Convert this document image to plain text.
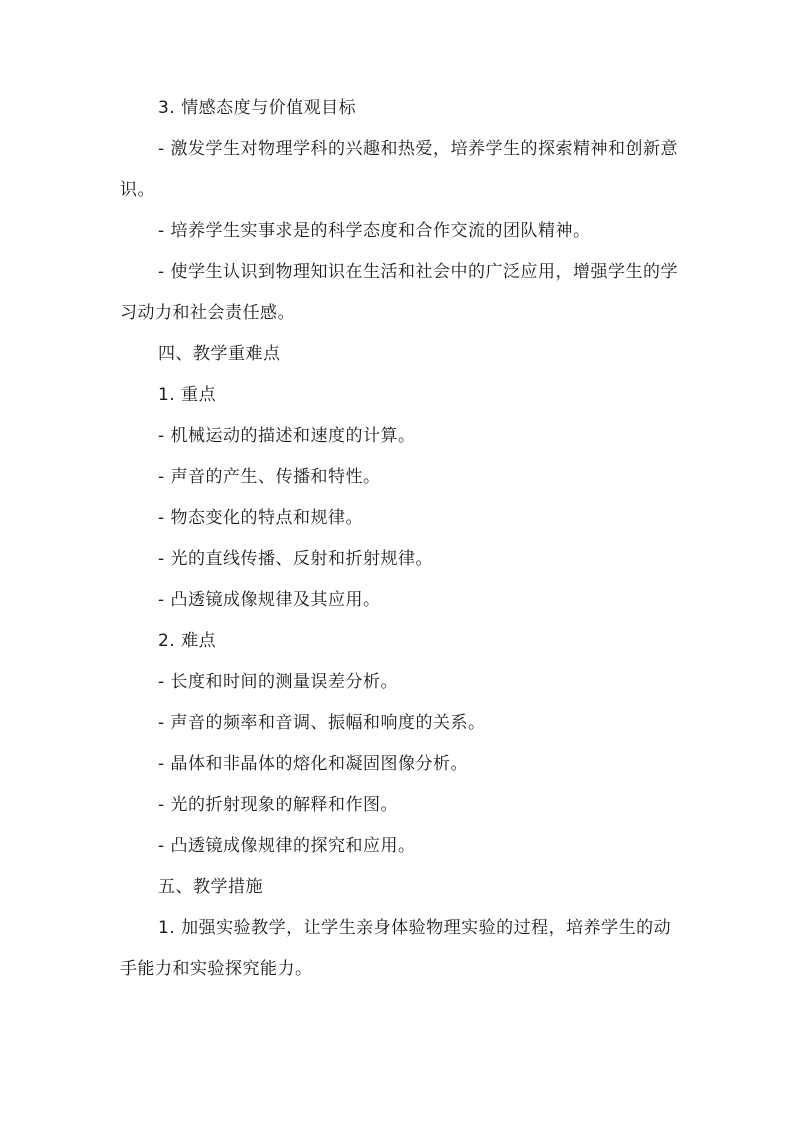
3. 情感态度与价值观目标

- 激发学生对物理学科的兴趣和热爱，培养学生的探索精神和创新意识。

- 培养学生实事求是的科学态度和合作交流的团队精神。

- 使学生认识到物理知识在生活和社会中的广泛应用，增强学生的学习动力和社会责任感。

四、教学重难点

1. 重点

- 机械运动的描述和速度的计算。

- 声音的产生、传播和特性。

- 物态变化的特点和规律。

- 光的直线传播、反射和折射规律。

- 凸透镜成像规律及其应用。

2. 难点

- 长度和时间的测量误差分析。

- 声音的频率和音调、振幅和响度的关系。

- 晶体和非晶体的熔化和凝固图像分析。

- 光的折射现象的解释和作图。

- 凸透镜成像规律的探究和应用。

五、教学措施

1. 加强实验教学，让学生亲身体验物理实验的过程，培养学生的动手能力和实验探究能力。
